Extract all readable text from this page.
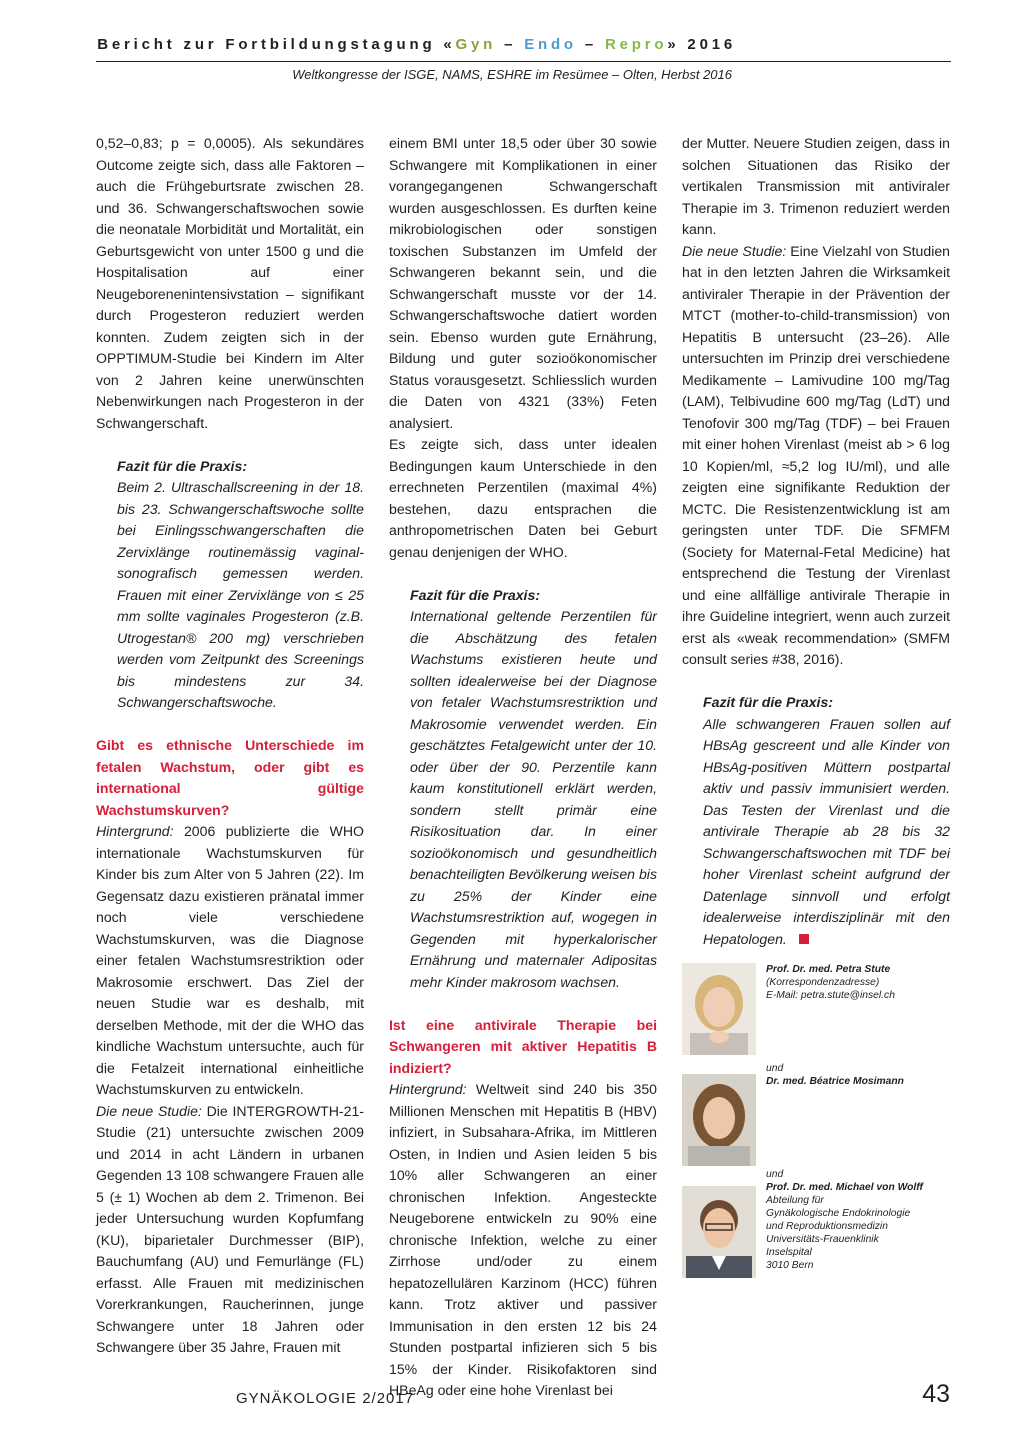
Bericht zur Fortbildungstagung «Gyn – Endo – Repro» 2016
Weltkongresse der ISGE, NAMS, ESHRE im Resümee – Olten, Herbst 2016

0,52–0,83; p = 0,0005). Als sekundäres Outcome zeigte sich, dass alle Faktoren – auch die Frühgeburtsrate zwischen 28. und 36. Schwangerschaftswochen sowie die neonatale Morbidität und Mortalität, ein Geburtsgewicht von unter 1500 g und die Hospitalisation auf einer Neugeborenenintensivstation – signifikant durch Progesteron reduziert werden konnten. Zudem zeigten sich in der OPPTIMUM-Studie bei Kindern im Alter von 2 Jahren keine unerwünschten Nebenwirkungen nach Progesteron in der Schwangerschaft.

Fazit für die Praxis:

Beim 2. Ultraschallscreening in der 18. bis 23. Schwangerschaftswoche sollte bei Einlingsschwangerschaften die Zervixlänge routinemässig vaginal-sonografisch gemessen werden. Frauen mit einer Zervixlänge von ≤ 25 mm sollte vaginales Progesteron (z.B. Utrogestan® 200 mg) verschrieben werden vom Zeitpunkt des Screenings bis mindestens zur 34. Schwangerschaftswoche.

Gibt es ethnische Unterschiede im fetalen Wachstum, oder gibt es international gültige Wachstumskurven?

Hintergrund: 2006 publizierte die WHO internationale Wachstumskurven für Kinder bis zum Alter von 5 Jahren (22). Im Gegensatz dazu existieren pränatal immer noch viele verschiedene Wachstumskurven, was die Diagnose einer fetalen Wachstumsrestriktion oder Makrosomie erschwert. Das Ziel der neuen Studie war es deshalb, mit derselben Methode, mit der die WHO das kindliche Wachstum untersuchte, auch für die Fetalzeit international einheitliche Wachstumskurven zu entwickeln.

Die neue Studie: Die INTERGROWTH-21-Studie (21) untersuchte zwischen 2009 und 2014 in acht Ländern in urbanen Gegenden 13 108 schwangere Frauen alle 5 (± 1) Wochen ab dem 2. Trimenon. Bei jeder Untersuchung wurden Kopfumfang (KU), biparietaler Durchmesser (BIP), Bauchumfang (AU) und Femurlänge (FL) erfasst. Alle Frauen mit medizinischen Vorerkrankungen, Raucherinnen, junge Schwangere unter 18 Jahren oder Schwangere über 35 Jahre, Frauen mit

einem BMI unter 18,5 oder über 30 sowie Schwangere mit Komplikationen in einer vorangegangenen Schwangerschaft wurden ausgeschlossen. Es durften keine mikrobiologischen oder sonstigen toxischen Substanzen im Umfeld der Schwangeren bekannt sein, und die Schwangerschaft musste vor der 14. Schwangerschaftswoche datiert worden sein. Ebenso wurden gute Ernährung, Bildung und guter sozioökonomischer Status vorausgesetzt. Schliesslich wurden die Daten von 4321 (33%) Feten analysiert.

Es zeigte sich, dass unter idealen Bedingungen kaum Unterschiede in den errechneten Perzentilen (maximal 4%) bestehen, dazu entsprachen die anthropometrischen Daten bei Geburt genau denjenigen der WHO.

Fazit für die Praxis:

International geltende Perzentilen für die Abschätzung des fetalen Wachstums existieren heute und sollten idealerweise bei der Diagnose von fetaler Wachstumsrestriktion und Makrosomie verwendet werden. Ein geschätztes Fetalgewicht unter der 10. oder über der 90. Perzentile kann kaum konstitutionell erklärt werden, sondern stellt primär eine Risikosituation dar. In einer sozioökonomisch und gesundheitlich benachteiligten Bevölkerung weisen bis zu 25% der Kinder eine Wachstumsrestriktion auf, wogegen in Gegenden mit hyperkalorischer Ernährung und maternaler Adipositas mehr Kinder makrosom wachsen.

Ist eine antivirale Therapie bei Schwangeren mit aktiver Hepatitis B indiziert?

Hintergrund: Weltweit sind 240 bis 350 Millionen Menschen mit Hepatitis B (HBV) infiziert, in Subsahara-Afrika, im Mittleren Osten, in Indien und Asien leiden 5 bis 10% aller Schwangeren an einer chronischen Infektion. Angesteckte Neugeborene entwickeln zu 90% eine chronische Infektion, welche zu einer Zirrhose und/oder zu einem hepatozellulären Karzinom (HCC) führen kann. Trotz aktiver und passiver Immunisation in den ersten 12 bis 24 Stunden postpartal infizieren sich 5 bis 15% der Kinder. Risikofaktoren sind HBeAg oder eine hohe Virenlast bei

der Mutter. Neuere Studien zeigen, dass in solchen Situationen das Risiko der vertikalen Transmission mit antiviraler Therapie im 3. Trimenon reduziert werden kann.

Die neue Studie: Eine Vielzahl von Studien hat in den letzten Jahren die Wirksamkeit antiviraler Therapie in der Prävention der MTCT (mother-to-child-transmission) von Hepatitis B untersucht (23–26). Alle untersuchten im Prinzip drei verschiedene Medikamente – Lamivudine 100 mg/Tag (LAM), Telbivudine 600 mg/Tag (LdT) und Tenofovir 300 mg/Tag (TDF) – bei Frauen mit einer hohen Virenlast (meist ab > 6 log 10 Kopien/ml, ≈5,2 log IU/ml), und alle zeigten eine signifikante Reduktion der MCTC. Die Resistenzentwicklung ist am geringsten unter TDF. Die SFMFM (Society for Maternal-Fetal Medicine) hat entsprechend die Testung der Virenlast und eine allfällige antivirale Therapie in ihre Guideline integriert, wenn auch zurzeit erst als «weak recommendation» (SMFM consult series #38, 2016).

Fazit für die Praxis:

Alle schwangeren Frauen sollen auf HBsAg gescreent und alle Kinder von HBsAg-positiven Müttern postpartal aktiv und passiv immunisiert werden. Das Testen der Virenlast und die antivirale Therapie ab 28 bis 32 Schwangerschaftswochen mit TDF bei hoher Virenlast scheint aufgrund der Datenlage sinnvoll und erfolgt idealerweise interdisziplinär mit den Hepatologen.

Prof. Dr. med. Petra Stute
(Korrespondenzadresse)
E-Mail: petra.stute@insel.ch
und
Dr. med. Béatrice Mosimann
und
Prof. Dr. med. Michael von Wolff
Abteilung für
Gynäkologische Endokrinologie
und Reproduktionsmedizin
Universitäts-Frauenklinik
Inselspital
3010 Bern
GYNÄKOLOGIE 2/2017	43
